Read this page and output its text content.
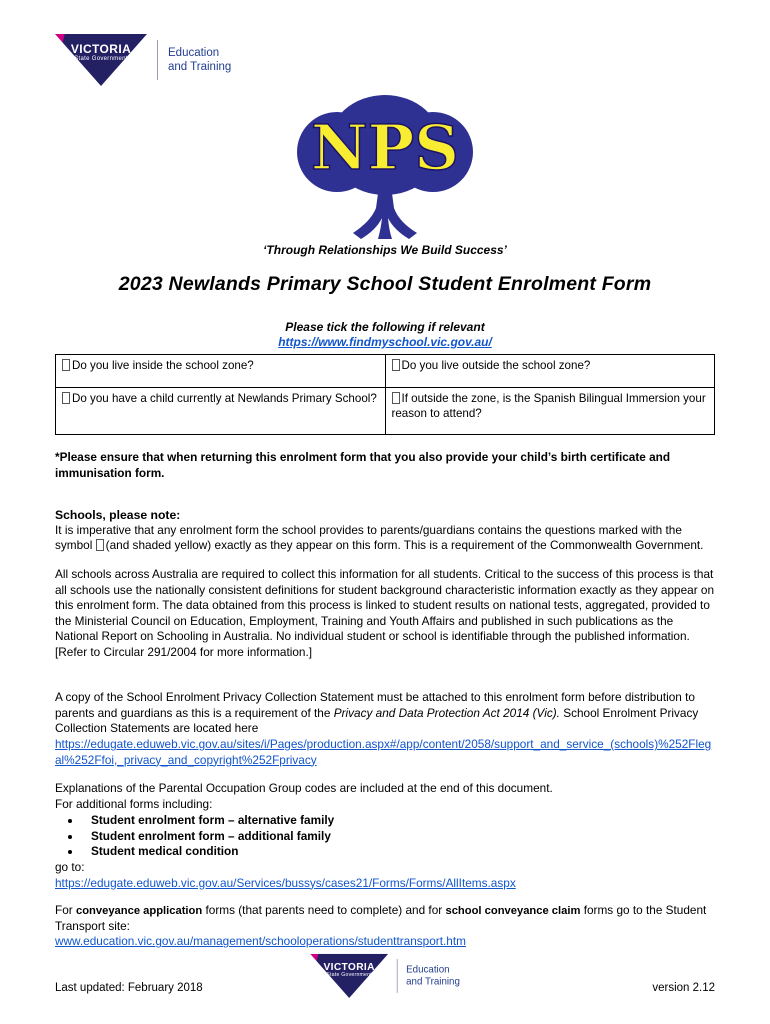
VICTORIA
State Government
Education
and Training
NPS
‘Through Relationships We Build Success’
2023 Newlands Primary School Student Enrolment Form
Please tick the following if relevant
https://www.findmyschool.vic.gov.au/
Do you live inside the school zone?	Do you live outside the school zone?
Do you have a child currently at Newlands Primary School?	If outside the zone, is the Spanish Bilingual Immersion your reason to attend?

*Please ensure that when returning this enrolment form that you also provide your child’s birth certificate and immunisation form.

Schools, please note:

It is imperative that any enrolment form the school provides to parents/guardians contains the questions marked with the symbol (and shaded yellow) exactly as they appear on this form. This is a requirement of the Commonwealth Government.

All schools across Australia are required to collect this information for all students. Critical to the success of this process is that all schools use the nationally consistent definitions for student background characteristic information exactly as they appear on this enrolment form. The data obtained from this process is linked to student results on national tests, aggregated, provided to the Ministerial Council on Education, Employment, Training and Youth Affairs and published in such publications as the National Report on Schooling in Australia. No individual student or school is identifiable through the published information. [Refer to Circular 291/2004 for more information.]

A copy of the School Enrolment Privacy Collection Statement must be attached to this enrolment form before distribution to parents and guardians as this is a requirement of the Privacy and Data Protection Act 2014 (Vic). School Enrolment Privacy Collection Statements are located here

https://edugate.eduweb.vic.gov.au/sites/i/Pages/production.aspx#/app/content/2058/support_and_service_(schools)%252Flegal%252Ffoi,_privacy_and_copyright%252Fprivacy

Explanations of the Parental Occupation Group codes are included at the end of this document.

For additional forms including:

• Student enrolment form – alternative family
• Student enrolment form – additional family
• Student medical condition

go to:

https://edugate.eduweb.vic.gov.au/Services/bussys/cases21/Forms/Forms/AllItems.aspx

For conveyance application forms (that parents need to complete) and for school conveyance claim forms go to the Student Transport site:

www.education.vic.gov.au/management/schooloperations/studenttransport.htm
VICTORIA
State Government
Education
and Training
Last updated: February 2018	version 2.12
